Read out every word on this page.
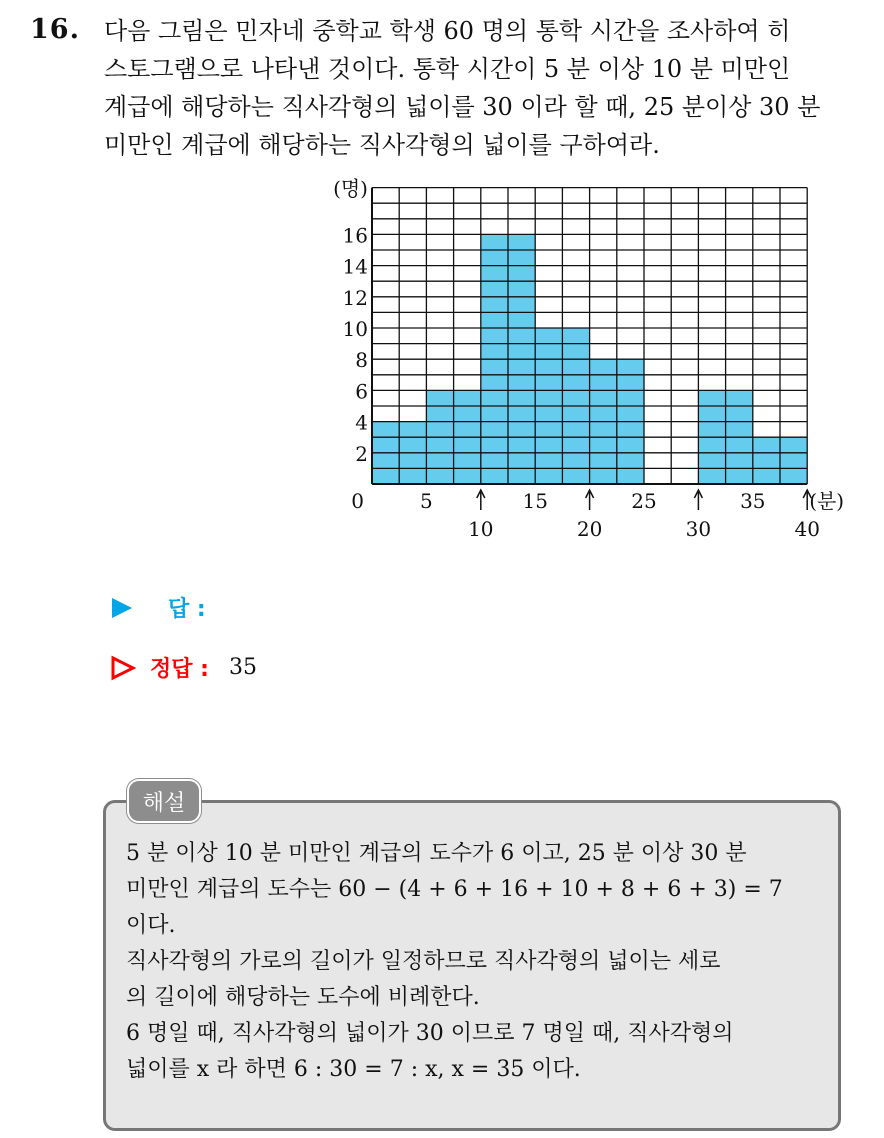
16. 다음 그림은 민자네 중학교 학생 60 명의 통학 시간을 조사하여 히

스토그램으로 나타낸 것이다. 통학 시간이 5 분 이상 10 분 미만인

계급에 해당하는 직사각형의 넓이를 30 이라 할 때, 25 분이상 30 분

미만인 계급에 해당하는 직사각형의 넓이를 구하여라.

2
4
6
8
10
12
14
16
(명)
0	5	15	25	35
10	20	30	40
(분)
답 :
정답 : 35
해설

5 분 이상 10 분 미만인 계급의 도수가 6 이고, 25 분 이상 30 분

미만인 계급의 도수는 60 − (4 + 6 + 16 + 10 + 8 + 6 + 3) = 7

이다.

직사각형의 가로의 길이가 일정하므로 직사각형의 넓이는 세로

의 길이에 해당하는 도수에 비례한다.

6 명일 때, 직사각형의 넓이가 30 이므로 7 명일 때, 직사각형의

넓이를 x 라 하면 6 : 30 = 7 : x, x = 35 이다.
